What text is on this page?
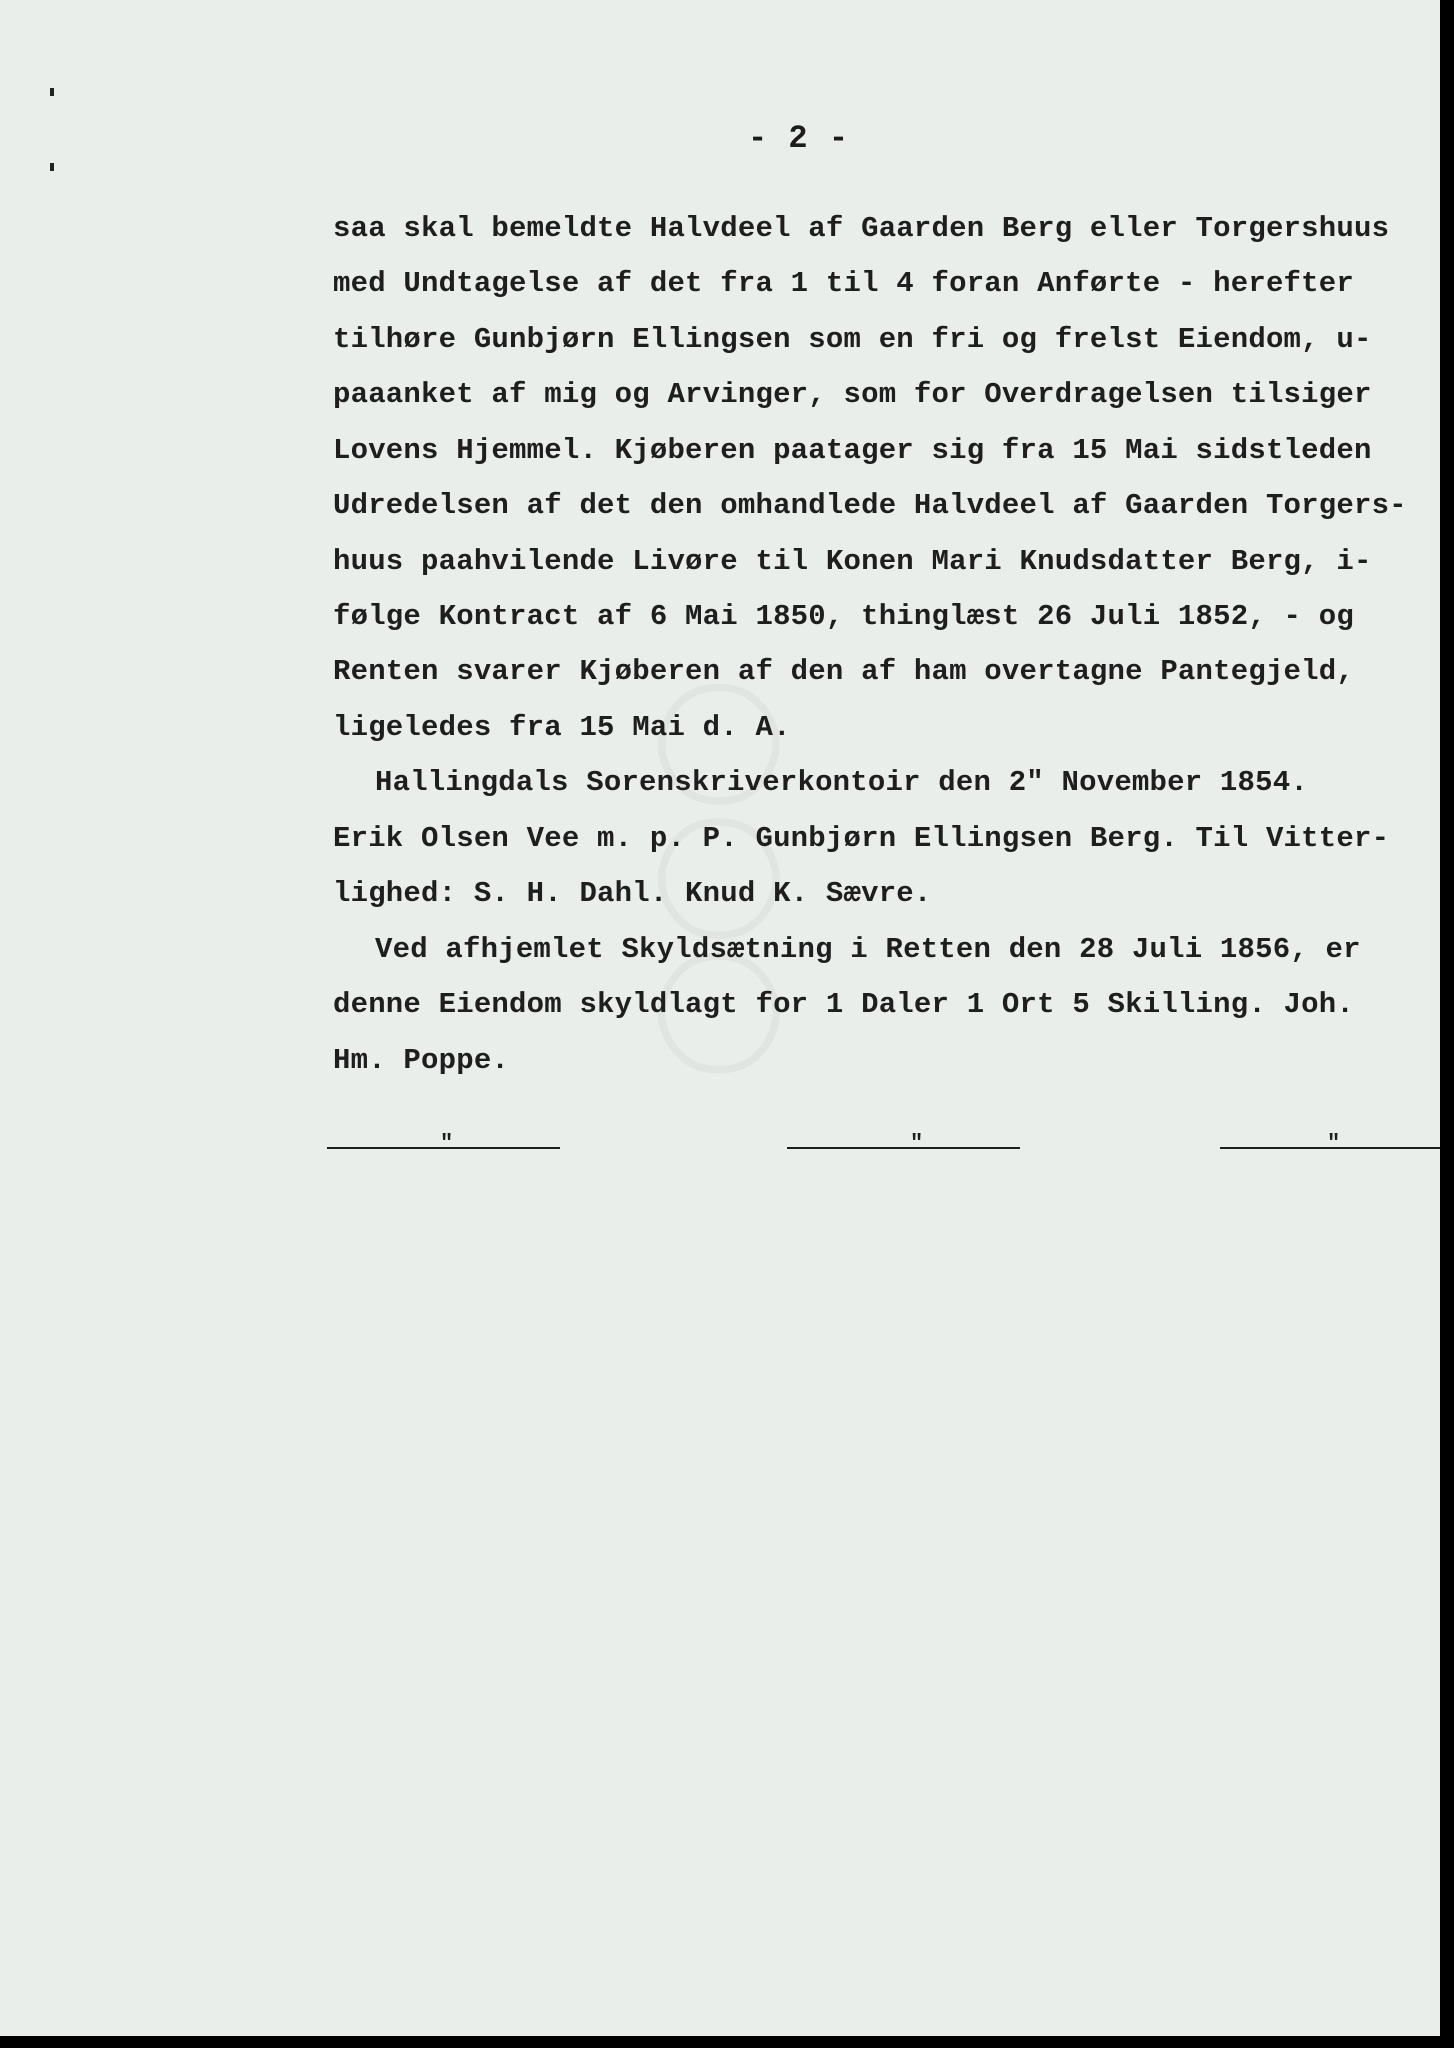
- 2 -
saa skal bemeldte Halvdeel af Gaarden Berg eller Torgershuus
med Undtagelse af det fra 1 til 4 foran Anførte - herefter
tilhøre Gunbjørn Ellingsen som en fri og frelst Eiendom, u-
paaanket af mig og Arvinger, som for Overdragelsen tilsiger
Lovens Hjemmel. Kjøberen paatager sig fra 15 Mai sidstleden
Udredelsen af det den omhandlede Halvdeel af Gaarden Torgers-
huus paahvilende Livøre til Konen Mari Knudsdatter Berg, i-
følge Kontract af 6 Mai 1850, thinglæst 26 Juli 1852, - og
Renten svarer Kjøberen af den af ham overtagne Pantegjeld,
ligeledes fra 15 Mai d. A.
Hallingdals Sorenskriverkontoir den 2" November 1854.
Erik Olsen Vee m. p. P. Gunbjørn Ellingsen Berg. Til Vitter-
lighed: S. H. Dahl. Knud K. Sævre.
Ved afhjemlet Skyldsætning i Retten den 28 Juli 1856, er
denne Eiendom skyldlagt for 1 Daler 1 Ort 5 Skilling. Joh.
Hm. Poppe.
"	"	"
